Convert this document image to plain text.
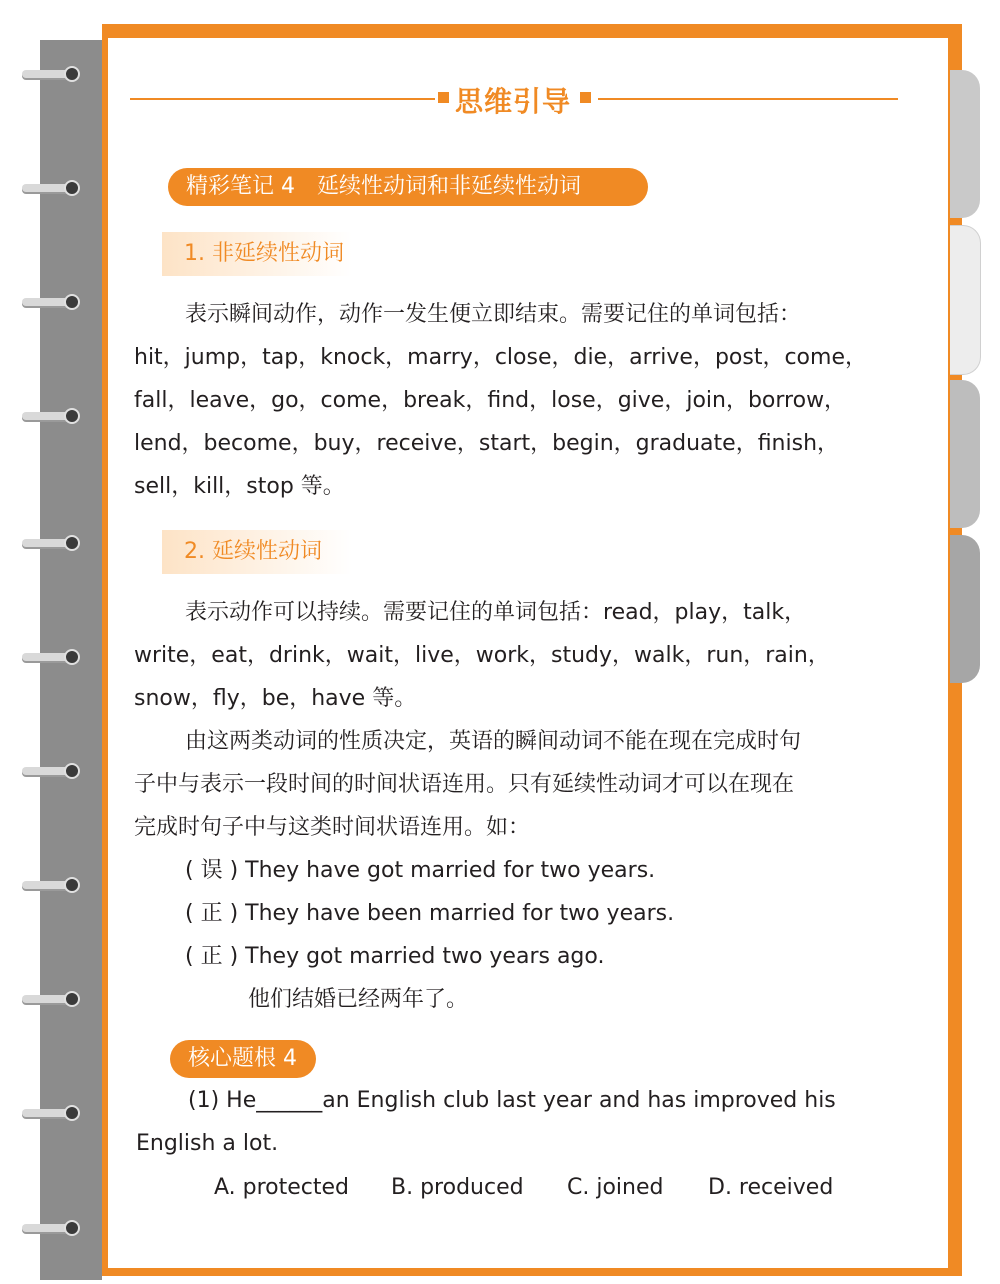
思维引导
精彩笔记 4　延续性动词和非延续性动词
1. 非延续性动词
表示瞬间动作，动作一发生便立即结束。需要记住的单词包括：
hit，jump，tap，knock，marry，close，die，arrive，post，come，
fall，leave，go，come，break，find，lose，give，join，borrow，
lend，become，buy，receive，start，begin，graduate，finish，
sell，kill，stop 等。
2. 延续性动词
表示动作可以持续。需要记住的单词包括：read，play，talk，
write，eat，drink，wait，live，work，study，walk，run，rain，
snow，fly，be，have 等。
由这两类动词的性质决定，英语的瞬间动词不能在现在完成时句
子中与表示一段时间的时间状语连用。只有延续性动词才可以在现在
完成时句子中与这类时间状语连用。如：
( 误 ) They have got married for two years.
( 正 ) They have been married for two years.
( 正 ) They got married two years ago.
他们结婚已经两年了。
核心题根 4
(1) He______an English club last year and has improved his
English a lot.
A. protected B. produced C. joined D. received
